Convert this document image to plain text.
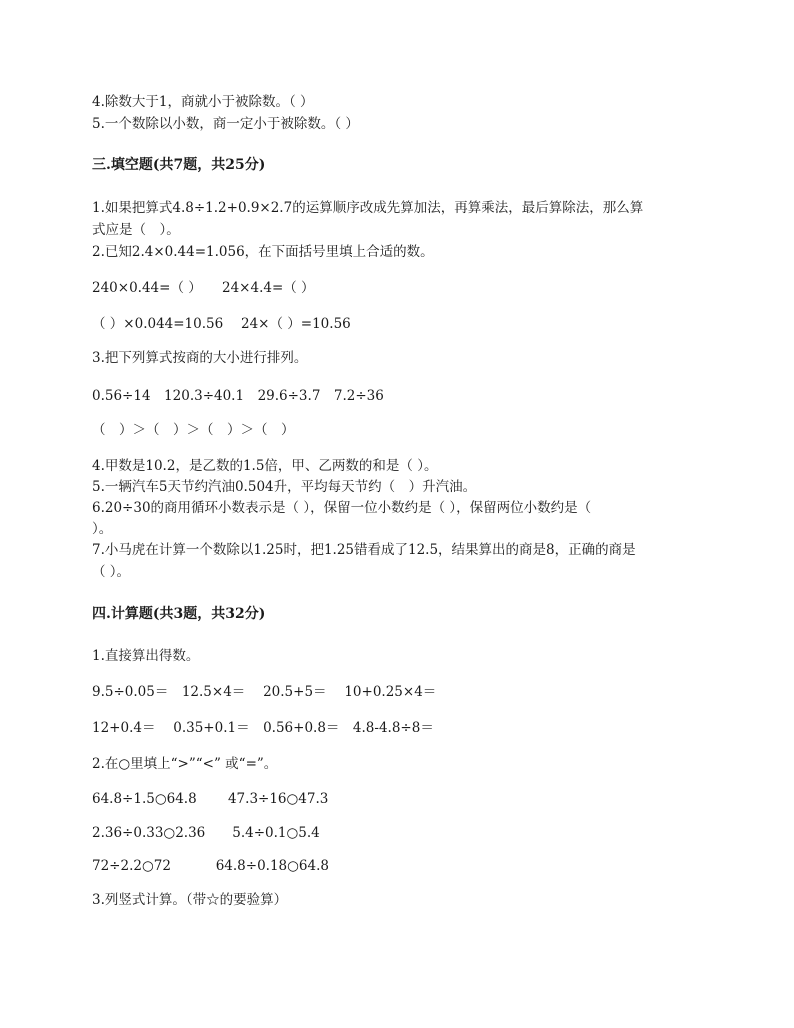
4.除数大于1，商就小于被除数。（ ）
5.一个数除以小数，商一定小于被除数。（ ）
三.填空题(共7题，共25分)
1.如果把算式4.8÷1.2+0.9×2.7的运算顺序改成先算加法，再算乘法，最后算除法，那么算
式应是（　）。
2.已知2.4×0.44=1.056，在下面括号里填上合适的数。
240×0.44=（ ）　　24×4.4=（ ）
（ ）×0.044=10.56　 24×（ ）=10.56
3.把下列算式按商的大小进行排列。
0.56÷14　120.3÷40.1　29.6÷3.7　7.2÷36
（　）＞（　）＞（　）＞（　）
4.甲数是10.2，是乙数的1.5倍，甲、乙两数的和是（ ）。
5.一辆汽车5天节约汽油0.504升，平均每天节约（　）升汽油。
6.20÷30的商用循环小数表示是（ ），保留一位小数约是（ ），保留两位小数约是（
）。
7.小马虎在计算一个数除以1.25时，把1.25错看成了12.5，结果算出的商是8，正确的商是
（ ）。
四.计算题(共3题，共32分)
1.直接算出得数。
9.5÷0.05＝　12.5×4＝　 20.5+5＝　 10+0.25×4＝
12+0.4＝　 0.35+0.1＝　0.56+0.8＝　4.8-4.8÷8＝
2.在○里填上“>”“<” 或“=”。
64.8÷1.5○64.8　　 47.3÷16○47.3
2.36÷0.33○2.36　　5.4÷0.1○5.4
72÷2.2○72　　　 64.8÷0.18○64.8
3.列竖式计算。（带☆的要验算）
